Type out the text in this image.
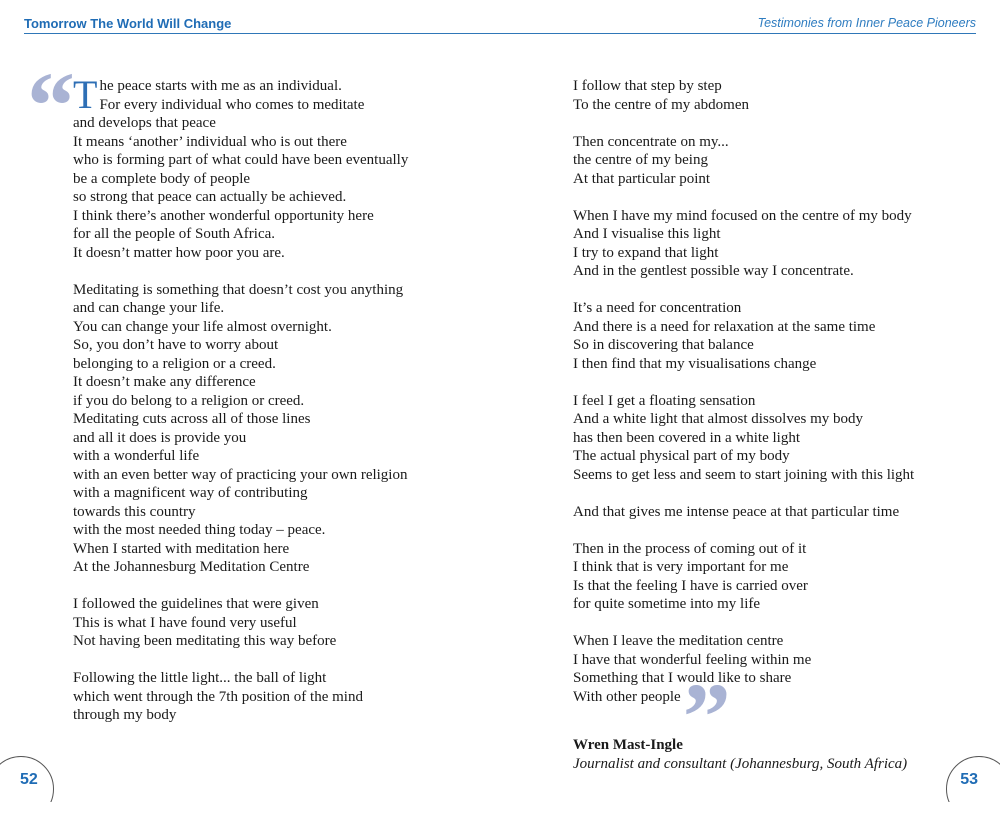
Tomorrow The World Will Change	Testimonies from Inner Peace Pioneers
“
T he peace starts with me as an individual.
For every individual who comes to meditate
and develops that peace
It means ‘another’ individual who is out there
who is forming part of what could have been eventually
be a complete body of people
so strong that peace can actually be achieved.
I think there’s another wonderful opportunity here
for all the people of South Africa.
It doesn’t matter how poor you are.
Meditating is something that doesn’t cost you anything
and can change your life.
You can change your life almost overnight.
So, you don’t have to worry about
belonging to a religion or a creed.
It doesn’t make any difference
if you do belong to a religion or creed.
Meditating cuts across all of those lines
and all it does is provide you
with a wonderful life
with an even better way of practicing your own religion
with a magnificent way of contributing
towards this country
with the most needed thing today – peace.
When I started with meditation here
At the Johannesburg Meditation Centre
I followed the guidelines that were given
This is what I have found very useful
Not having been meditating this way before
Following the little light... the ball of light
which went through the 7th position of the mind
through my body
I follow that step by step
To the centre of my abdomen
Then concentrate on my...
the centre of my being
At that particular point
When I have my mind focused on the centre of my body
And I visualise this light
I try to expand that light
And in the gentlest possible way I concentrate.
It’s a need for concentration
And there is a need for relaxation at the same time
So in discovering that balance
I then find that my visualisations change
I feel I get a floating sensation
And a white light that almost dissolves my body
has then been covered in a white light
The actual physical part of my body
Seems to get less and seem to start joining with this light
And that gives me intense peace at that particular time
Then in the process of coming out of it
I think that is very important for me
Is that the feeling I have is carried over
for quite sometime into my life
When I leave the meditation centre
I have that wonderful feeling within me
Something that I would like to share
With other people”
Wren Mast-Ingle
Journalist and consultant (Johannesburg, South Africa)
52	53
